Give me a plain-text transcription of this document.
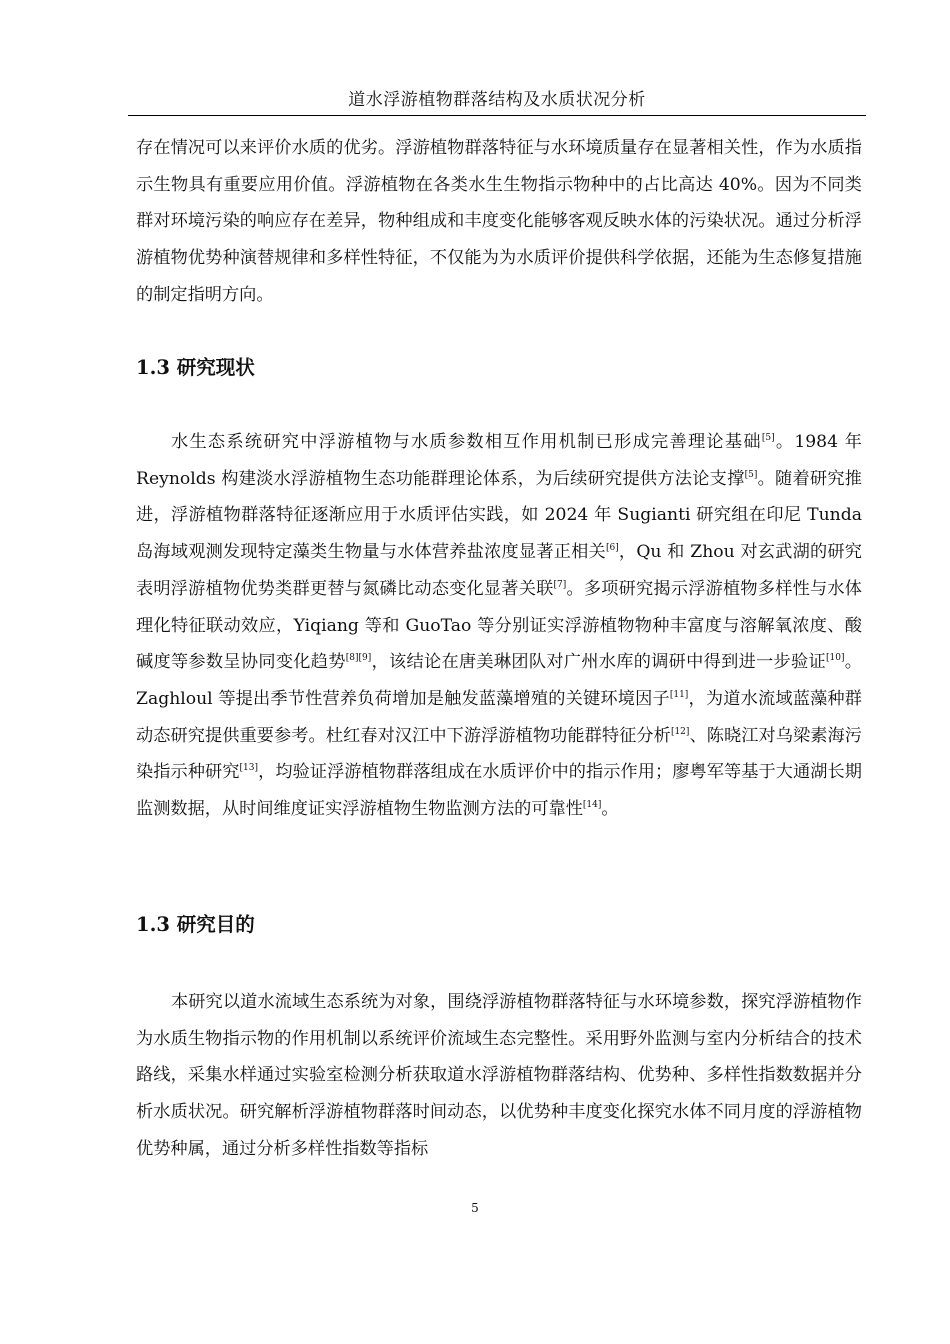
道水浮游植物群落结构及水质状况分析

存在情况可以来评价水质的优劣。浮游植物群落特征与水环境质量存在显著相关性，作为水质指示生物具有重要应用价值。浮游植物在各类水生生物指示物种中的占比高达 40%。因为不同类群对环境污染的响应存在差异，物种组成和丰度变化能够客观反映水体的污染状况。通过分析浮游植物优势种演替规律和多样性特征，不仅能为为水质评价提供科学依据，还能为生态修复措施的制定指明方向。

1.3 研究现状

水生态系统研究中浮游植物与水质参数相互作用机制已形成完善理论基础[5]。1984 年 Reynolds 构建淡水浮游植物生态功能群理论体系，为后续研究提供方法论支撑[5]。随着研究推进，浮游植物群落特征逐渐应用于水质评估实践，如 2024 年 Sugianti 研究组在印尼 Tunda 岛海域观测发现特定藻类生物量与水体营养盐浓度显著正相关[6]，Qu 和 Zhou 对玄武湖的研究表明浮游植物优势类群更替与氮磷比动态变化显著关联[7]。多项研究揭示浮游植物多样性与水体理化特征联动效应，Yiqiang 等和 GuoTao 等分别证实浮游植物物种丰富度与溶解氧浓度、酸碱度等参数呈协同变化趋势[8][9]，该结论在唐美琳团队对广州水库的调研中得到进一步验证[10]。Zaghloul 等提出季节性营养负荷增加是触发蓝藻增殖的关键环境因子[11]，为道水流域蓝藻种群动态研究提供重要参考。杜红春对汉江中下游浮游植物功能群特征分析[12]、陈晓江对乌梁素海污染指示种研究[13]，均验证浮游植物群落组成在水质评价中的指示作用；廖粤军等基于大通湖长期监测数据，从时间维度证实浮游植物生物监测方法的可靠性[14]。

1.3 研究目的

本研究以道水流域生态系统为对象，围绕浮游植物群落特征与水环境参数，探究浮游植物作为水质生物指示物的作用机制以系统评价流域生态完整性。采用野外监测与室内分析结合的技术路线，采集水样通过实验室检测分析获取道水浮游植物群落结构、优势种、多样性指数数据并分析水质状况。研究解析浮游植物群落时间动态，以优势种丰度变化探究水体不同月度的浮游植物优势种属，通过分析多样性指数等指标

5
